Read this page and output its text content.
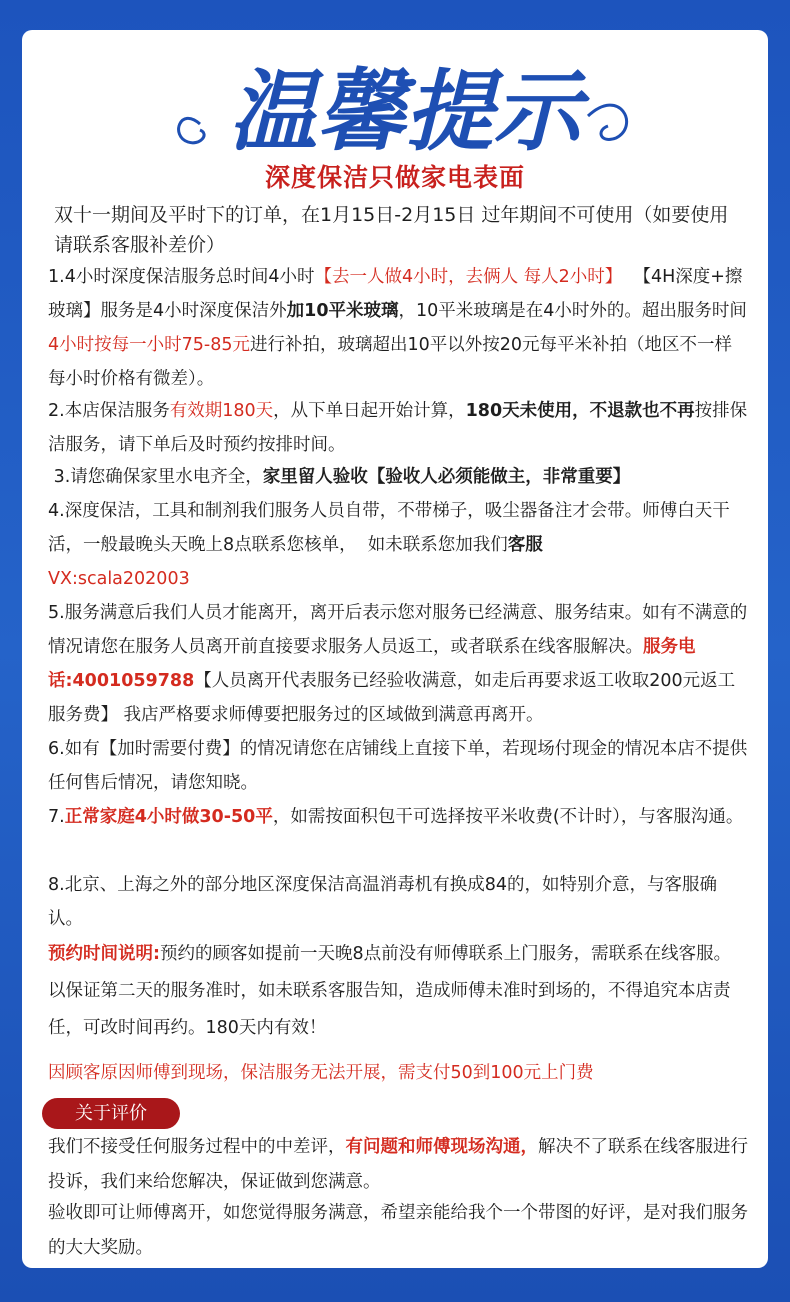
温馨提示
深度保洁只做家电表面
双十一期间及平时下的订单，在1月15日-2月15日 过年期间不可使用（如要使用请联系客服补差价）
1.4小时深度保洁服务总时间4小时【去一人做4小时，去俩人 每人2小时】  【4H深度+擦玻璃】服务是4小时深度保洁外加10平米玻璃，10平米玻璃是在4小时外的。超出服务时间4小时按每一小时75-85元进行补拍，玻璃超出10平以外按20元每平米补拍（地区不一样每小时价格有微差）。
2.本店保洁服务有效期180天，从下单日起开始计算，180天未使用，不退款也不再按排保洁服务，请下单后及时预约按排时间。
3.请您确保家里水电齐全，家里留人验收【验收人必须能做主，非常重要】
4.深度保洁，工具和制剂我们服务人员自带，不带梯子，吸尘器备注才会带。师傅白天干活，一般最晚头天晚上8点联系您核单，  如未联系您加我们客服
VX:scala202003
5.服务满意后我们人员才能离开，离开后表示您对服务已经满意、服务结束。如有不满意的情况请您在服务人员离开前直接要求服务人员返工，或者联系在线客服解决。服务电话:4001059788【人员离开代表服务已经验收满意，如走后再要求返工收取200元返工服务费】 我店严格要求师傅要把服务过的区域做到满意再离开。
6.如有【加时需要付费】的情况请您在店铺线上直接下单，若现场付现金的情况本店不提供任何售后情况，请您知晓。
7.正常家庭4小时做30-50平，如需按面积包干可选择按平米收费(不计时），与客服沟通。
8.北京、上海之外的部分地区深度保洁高温消毒机有换成84的，如特别介意，与客服确认。
预约时间说明:预约的顾客如提前一天晚8点前没有师傅联系上门服务，需联系在线客服。以保证第二天的服务准时，如未联系客服告知，造成师傅未准时到场的，不得追究本店责任，可改时间再约。180天内有效！
因顾客原因师傅到现场，保洁服务无法开展，需支付50到100元上门费
关于评价
我们不接受任何服务过程中的中差评，有问题和师傅现场沟通，解决不了联系在线客服进行投诉，我们来给您解决，保证做到您满意。
验收即可让师傅离开，如您觉得服务满意，希望亲能给我个一个带图的好评，是对我们服务的大大奖励。
